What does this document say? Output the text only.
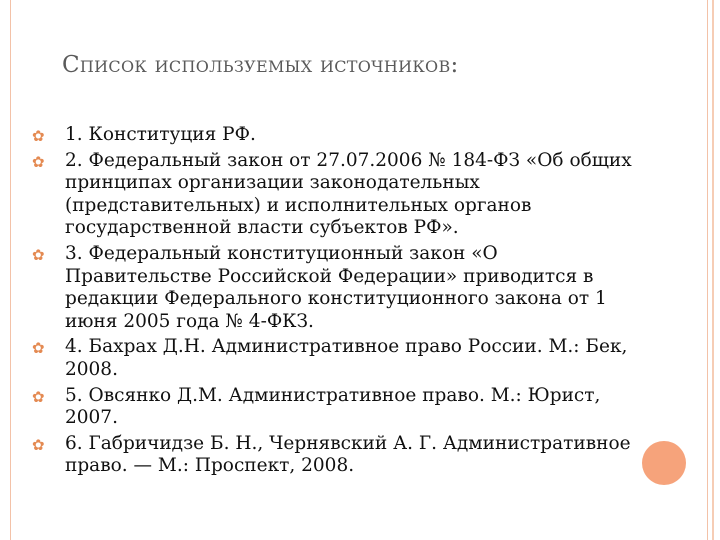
Список используемых источников:
✿ 1. Конституция РФ.
✿ 2. Федеральный закон от 27.07.2006 № 184-ФЗ «Об общих принципах организации законодательных (представительных) и исполнительных органов государственной власти субъектов РФ».
✿ 3. Федеральный конституционный закон «О Правительстве Российской Федерации» приводится в редакции Федерального конституционного закона от 1 июня 2005 года № 4-ФКЗ.
✿ 4. Бахрах Д.Н. Административное право России. М.: Бек, 2008.
✿ 5. Овсянко Д.М. Административное право. М.: Юрист, 2007.
✿ 6. Габричидзе Б. Н., Чернявский А. Г. Административное право. — М.: Проспект, 2008.
